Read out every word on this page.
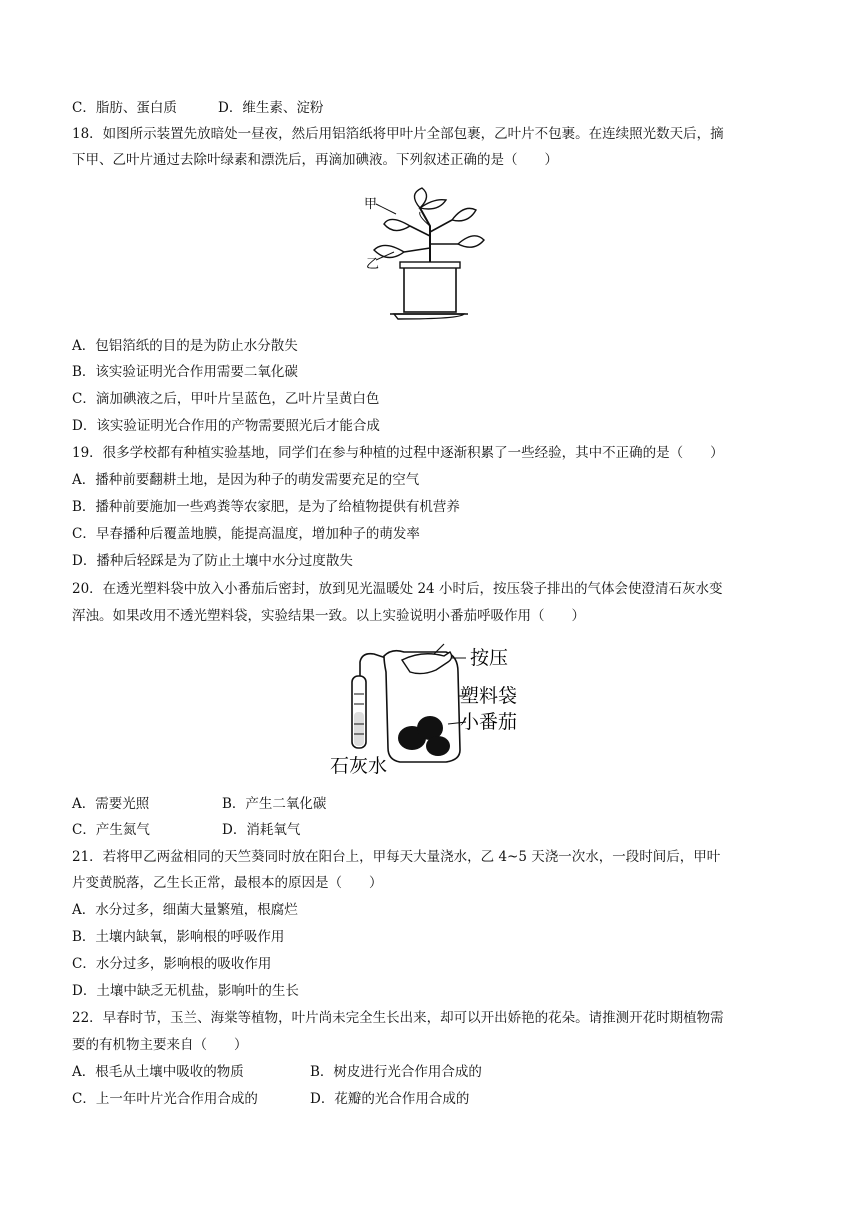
C．脂肪、蛋白质	D．维生素、淀粉
18．如图所示装置先放暗处一昼夜，然后用铝箔纸将甲叶片全部包裹，乙叶片不包裹。在连续照光数天后，摘
下甲、乙叶片通过去除叶绿素和漂洗后，再滴加碘液。下列叙述正确的是（　　）
甲
乙
A．包铝箔纸的目的是为防止水分散失
B．该实验证明光合作用需要二氧化碳
C．滴加碘液之后，甲叶片呈蓝色，乙叶片呈黄白色
D．该实验证明光合作用的产物需要照光后才能合成
19．很多学校都有种植实验基地，同学们在参与种植的过程中逐渐积累了一些经验，其中不正确的是（　　）
A．播种前要翻耕土地，是因为种子的萌发需要充足的空气
B．播种前要施加一些鸡粪等农家肥，是为了给植物提供有机营养
C．早春播种后覆盖地膜，能提高温度，增加种子的萌发率
D．播种后轻踩是为了防止土壤中水分过度散失
20．在透光塑料袋中放入小番茄后密封，放到见光温暖处 24 小时后，按压袋子排出的气体会使澄清石灰水变
浑浊。如果改用不透光塑料袋，实验结果一致。以上实验说明小番茄呼吸作用（　　）
按压
塑料袋
小番茄
石灰水
A．需要光照	B．产生二氧化碳
C．产生氮气	D．消耗氧气
21．若将甲乙两盆相同的天竺葵同时放在阳台上，甲每天大量浇水，乙 4~5 天浇一次水，一段时间后，甲叶
片变黄脱落，乙生长正常，最根本的原因是（　　）
A．水分过多，细菌大量繁殖，根腐烂
B．土壤内缺氧，影响根的呼吸作用
C．水分过多，影响根的吸收作用
D．土壤中缺乏无机盐，影响叶的生长
22．早春时节，玉兰、海棠等植物，叶片尚未完全生长出来，却可以开出娇艳的花朵。请推测开花时期植物需
要的有机物主要来自（　　）
A．根毛从土壤中吸收的物质	B．树皮进行光合作用合成的
C．上一年叶片光合作用合成的	D．花瓣的光合作用合成的
